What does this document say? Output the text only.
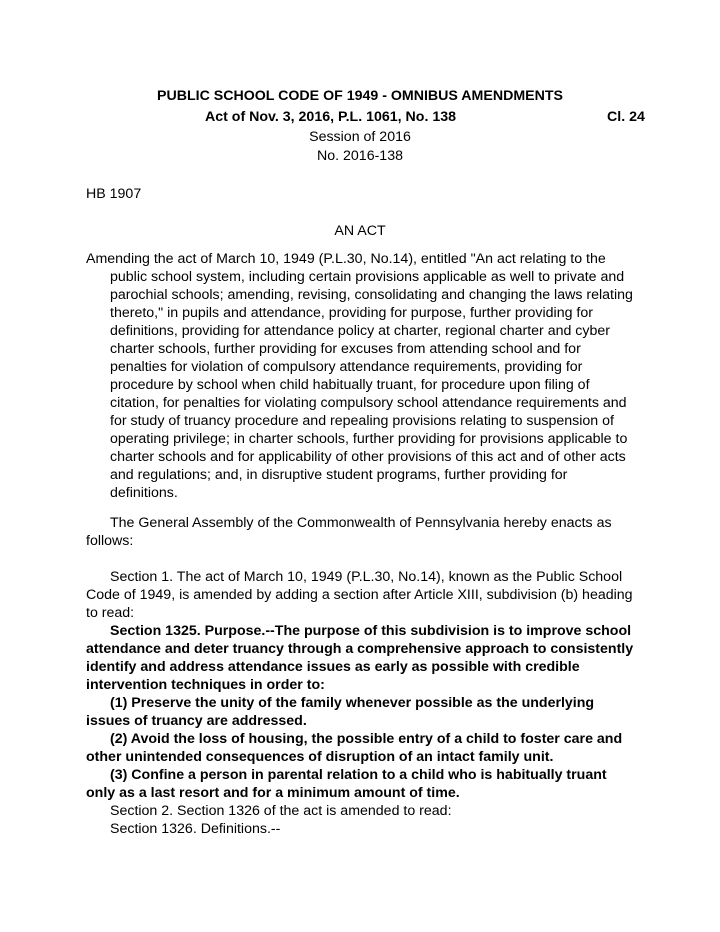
PUBLIC SCHOOL CODE OF 1949 - OMNIBUS AMENDMENTS
Act of Nov. 3, 2016, P.L. 1061, No. 138	Cl. 24
Session of 2016
No. 2016-138
HB 1907
AN ACT
Amending the act of March 10, 1949 (P.L.30, No.14), entitled "An act relating to the
public school system, including certain provisions applicable as well to private and
parochial schools; amending, revising, consolidating and changing the laws relating
thereto," in pupils and attendance, providing for purpose, further providing for
definitions, providing for attendance policy at charter, regional charter and cyber
charter schools, further providing for excuses from attending school and for
penalties for violation of compulsory attendance requirements, providing for
procedure by school when child habitually truant, for procedure upon filing of
citation, for penalties for violating compulsory school attendance requirements and
for study of truancy procedure and repealing provisions relating to suspension of
operating privilege; in charter schools, further providing for provisions applicable to
charter schools and for applicability of other provisions of this act and of other acts
and regulations; and, in disruptive student programs, further providing for
definitions.
The General Assembly of the Commonwealth of Pennsylvania hereby enacts as
follows:
Section 1. The act of March 10, 1949 (P.L.30, No.14), known as the Public School
Code of 1949, is amended by adding a section after Article XIII, subdivision (b) heading
to read:
Section 1325. Purpose.--The purpose of this subdivision is to improve school
attendance and deter truancy through a comprehensive approach to consistently
identify and address attendance issues as early as possible with credible
intervention techniques in order to:
(1) Preserve the unity of the family whenever possible as the underlying
issues of truancy are addressed.
(2) Avoid the loss of housing, the possible entry of a child to foster care and
other unintended consequences of disruption of an intact family unit.
(3) Confine a person in parental relation to a child who is habitually truant
only as a last resort and for a minimum amount of time.
Section 2. Section 1326 of the act is amended to read:
Section 1326. Definitions.--
